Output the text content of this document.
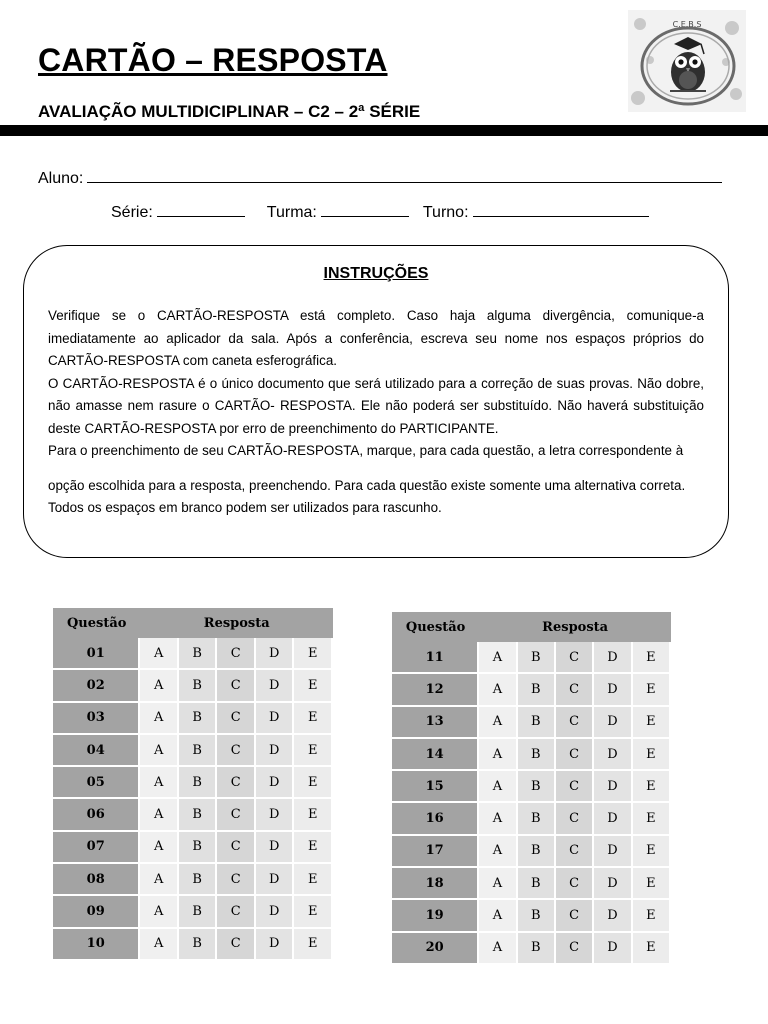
CARTÃO – RESPOSTA
AVALIAÇÃO MULTIDICIPLINAR – C2 – 2ª SÉRIE
C.E.B.S
Aluno:
Série:	Turma:	Turno:
INSTRUÇÕES

Verifique se o CARTÃO-RESPOSTA está completo. Caso haja alguma divergência, comunique-a imediatamente ao aplicador da sala. Após a conferência, escreva seu nome nos espaços próprios do CARTÃO-RESPOSTA com caneta esferográfica.

O CARTÃO-RESPOSTA é o único documento que será utilizado para a correção de suas provas. Não dobre, não amasse nem rasure o CARTÃO- RESPOSTA. Ele não poderá ser substituído. Não haverá substituição deste CARTÃO-RESPOSTA por erro de preenchimento do PARTICIPANTE.

Para o preenchimento de seu CARTÃO-RESPOSTA, marque, para cada questão, a letra correspondente à

opção escolhida para a resposta, preenchendo. Para cada questão existe somente uma alternativa correta.

Todos os espaços em branco podem ser utilizados para rascunho.

Questão	Resposta				
01	A	B	C	D	E
02	A	B	C	D	E
03	A	B	C	D	E
04	A	B	C	D	E
05	A	B	C	D	E
06	A	B	C	D	E
07	A	B	C	D	E
08	A	B	C	D	E
09	A	B	C	D	E
10	A	B	C	D	E
Questão	Resposta				
11	A	B	C	D	E
12	A	B	C	D	E
13	A	B	C	D	E
14	A	B	C	D	E
15	A	B	C	D	E
16	A	B	C	D	E
17	A	B	C	D	E
18	A	B	C	D	E
19	A	B	C	D	E
20	A	B	C	D	E
